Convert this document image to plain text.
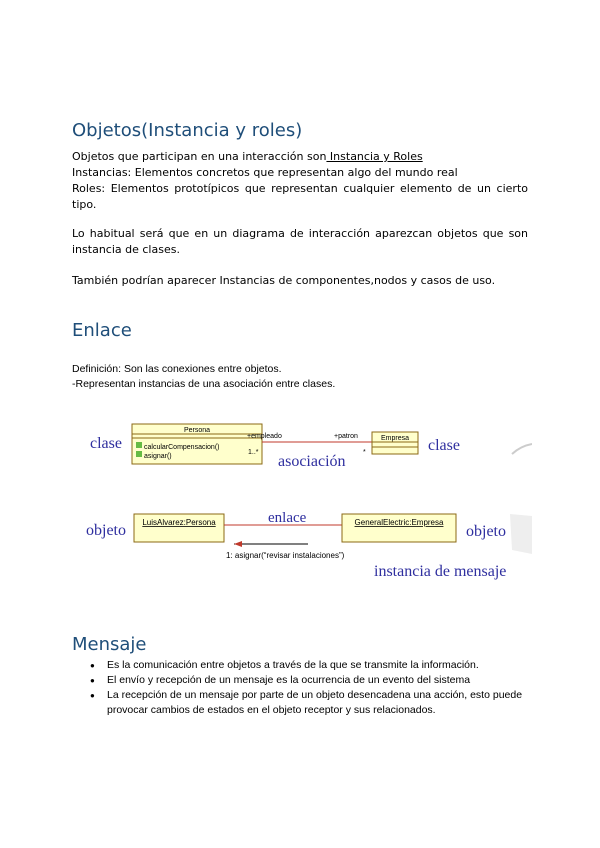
Objetos(Instancia y roles)

Objetos que participan en una interacción son Instancia y Roles
Instancias: Elementos concretos que representan algo del mundo real
Roles: Elementos prototípicos que representan cualquier elemento de un cierto tipo.

Lo habitual será que en un diagrama de interacción aparezcan objetos que son instancia de clases.

También podrían aparecer Instancias de componentes,nodos y casos de uso.

Enlace

Definición: Son las conexiones entre objetos.
-Representan instancias de una asociación entre clases.

clase
Persona
calcularCompensacion()
asignar()
+empleado	+patron
1..*	*
Empresa clase
asociación
objeto LuisAlvarez:Persona	GeneralElectric:Empresa
objeto
enlace
1: asignar(“revisar instalaciones”)
instancia de mensaje
Mensaje
● Es la comunicación entre objetos a través de la que se transmite la información.
● El envío y recepción de un mensaje es la ocurrencia de un evento del sistema
● La recepción de un mensaje por parte de un objeto desencadena una acción, esto puede provocar cambios de estados en el objeto receptor y sus relacionados.
